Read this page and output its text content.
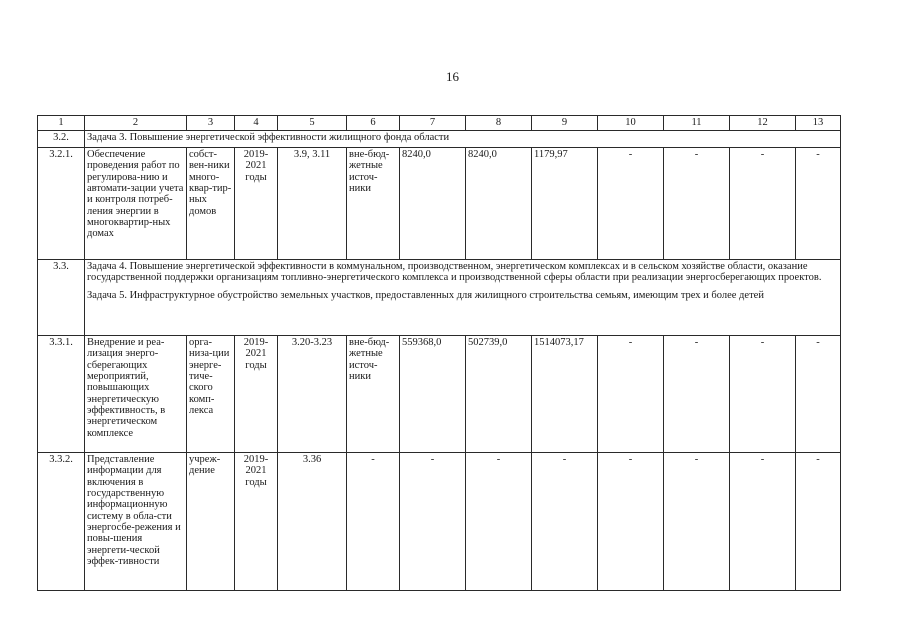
16
1	2	3	4	5	6	7	8	9	10	11	12	13
3.2.	Задача 3. Повышение энергетической эффективности жилищного фонда области											
3.2.1.	Обеспечение проведения работ по регулирова-нию и автомати-зации учета и контроля потреб-ления энергии в многоквартир-ных домах	собст-вен-ники много-квар-тир-ных домов	2019-2021 годы	3.9, 3.11	вне-бюд-жетные источ-ники	8240,0	8240,0	1179,97	-	-	-	-
3.3.	Задача 4. Повышение энергетической эффективности в коммунальном, производственном, энергетическом комплексах и в сельском хозяйстве области, оказание государственной поддержки организациям топливно-энергетического комплекса и производственной сферы области при реализации энергосберегающих проектов.

Задача 5. Инфраструктурное обустройство земельных участков, предоставленных для жилищного строительства семьям, имеющим трех и более детей											

3.3.1.	Внедрение и реа-лизация энерго-сберегающих мероприятий, повышающих энергетическую эффективность, в энергетическом комплексе	орга-низа-ции энерге-тиче-ского комп-лекса	2019-2021 годы	3.20-3.23	вне-бюд-жетные источ-ники	559368,0	502739,0	1514073,17	-	-	-	-
3.3.2.	Представление информации для включения в государственную информационную систему в обла-сти энергосбе-режения и повы-шения энергети-ческой эффек-тивности	учреж-дение	2019-2021 годы	3.36	-	-	-	-	-	-	-	-
